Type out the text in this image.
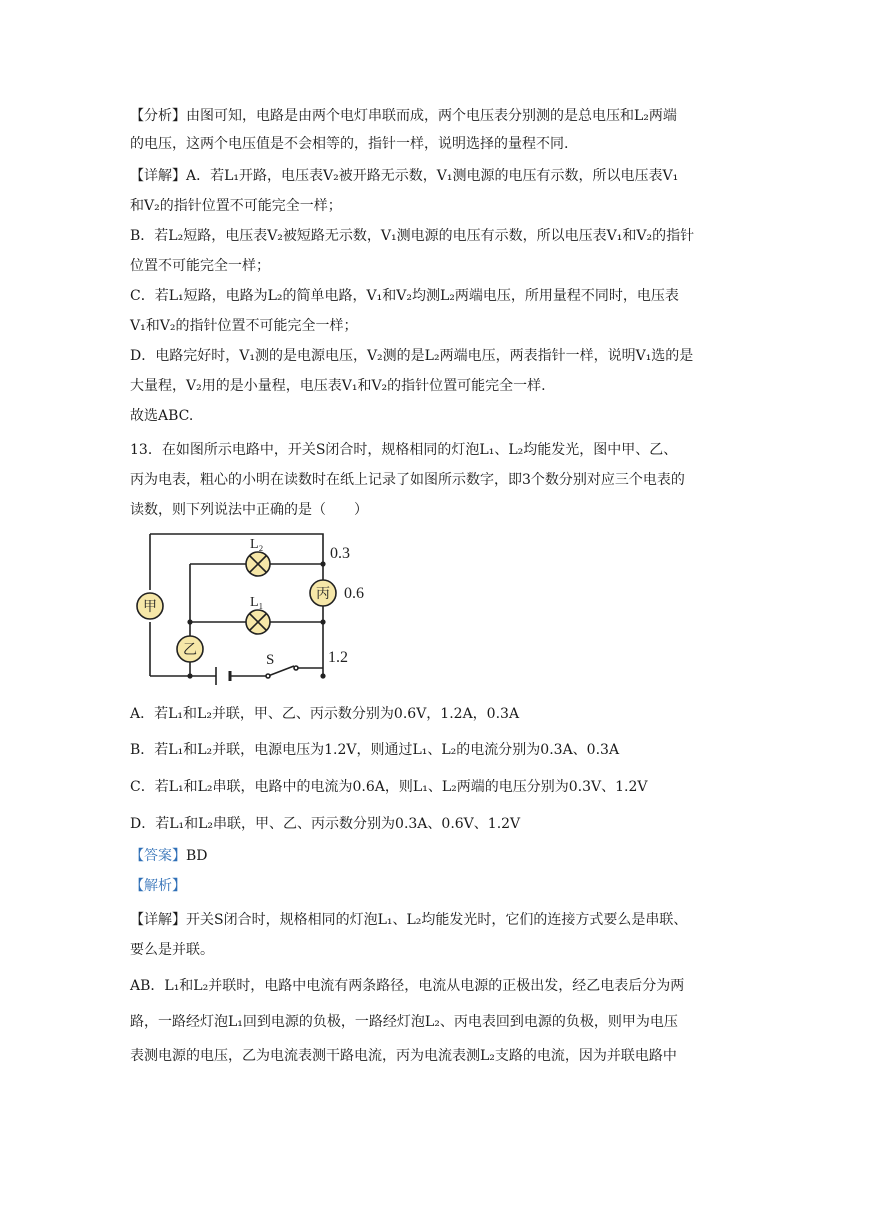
【分析】由图可知，电路是由两个电灯串联而成，两个电压表分别测的是总电压和L₂两端
的电压，这两个电压值是不会相等的，指针一样，说明选择的量程不同.
【详解】A．若L₁开路，电压表V₂被开路无示数，V₁测电源的电压有示数，所以电压表V₁
和V₂的指针位置不可能完全一样；
B．若L₂短路，电压表V₂被短路无示数，V₁测电源的电压有示数，所以电压表V₁和V₂的指针
位置不可能完全一样；
C．若L₁短路，电路为L₂的简单电路，V₁和V₂均测L₂两端电压，所用量程不同时，电压表
V₁和V₂的指针位置不可能完全一样；
D．电路完好时，V₁测的是电源电压，V₂测的是L₂两端电压，两表指针一样，说明V₁选的是
大量程，V₂用的是小量程，电压表V₁和V₂的指针位置可能完全一样.
故选ABC.
13．在如图所示电路中，开关S闭合时，规格相同的灯泡L₁、L₂均能发光，图中甲、乙、
丙为电表，粗心的小明在读数时在纸上记录了如图所示数字，即3个数分别对应三个电表的
读数，则下列说法中正确的是（　　）
S
L₂
L₁
甲
乙
丙
0.3
0.6
1.2
A．若L₁和L₂并联，甲、乙、丙示数分别为0.6V，1.2A，0.3A
B．若L₁和L₂并联，电源电压为1.2V，则通过L₁、L₂的电流分别为0.3A、0.3A
C．若L₁和L₂串联，电路中的电流为0.6A，则L₁、L₂两端的电压分别为0.3V、1.2V
D．若L₁和L₂串联，甲、乙、丙示数分别为0.3A、0.6V、1.2V
【答案】BD
【解析】
【详解】开关S闭合时，规格相同的灯泡L₁、L₂均能发光时，它们的连接方式要么是串联、
要么是并联。
AB．L₁和L₂并联时，电路中电流有两条路径，电流从电源的正极出发，经乙电表后分为两
路，一路经灯泡L₁回到电源的负极，一路经灯泡L₂、丙电表回到电源的负极，则甲为电压
表测电源的电压，乙为电流表测干路电流，丙为电流表测L₂支路的电流，因为并联电路中
